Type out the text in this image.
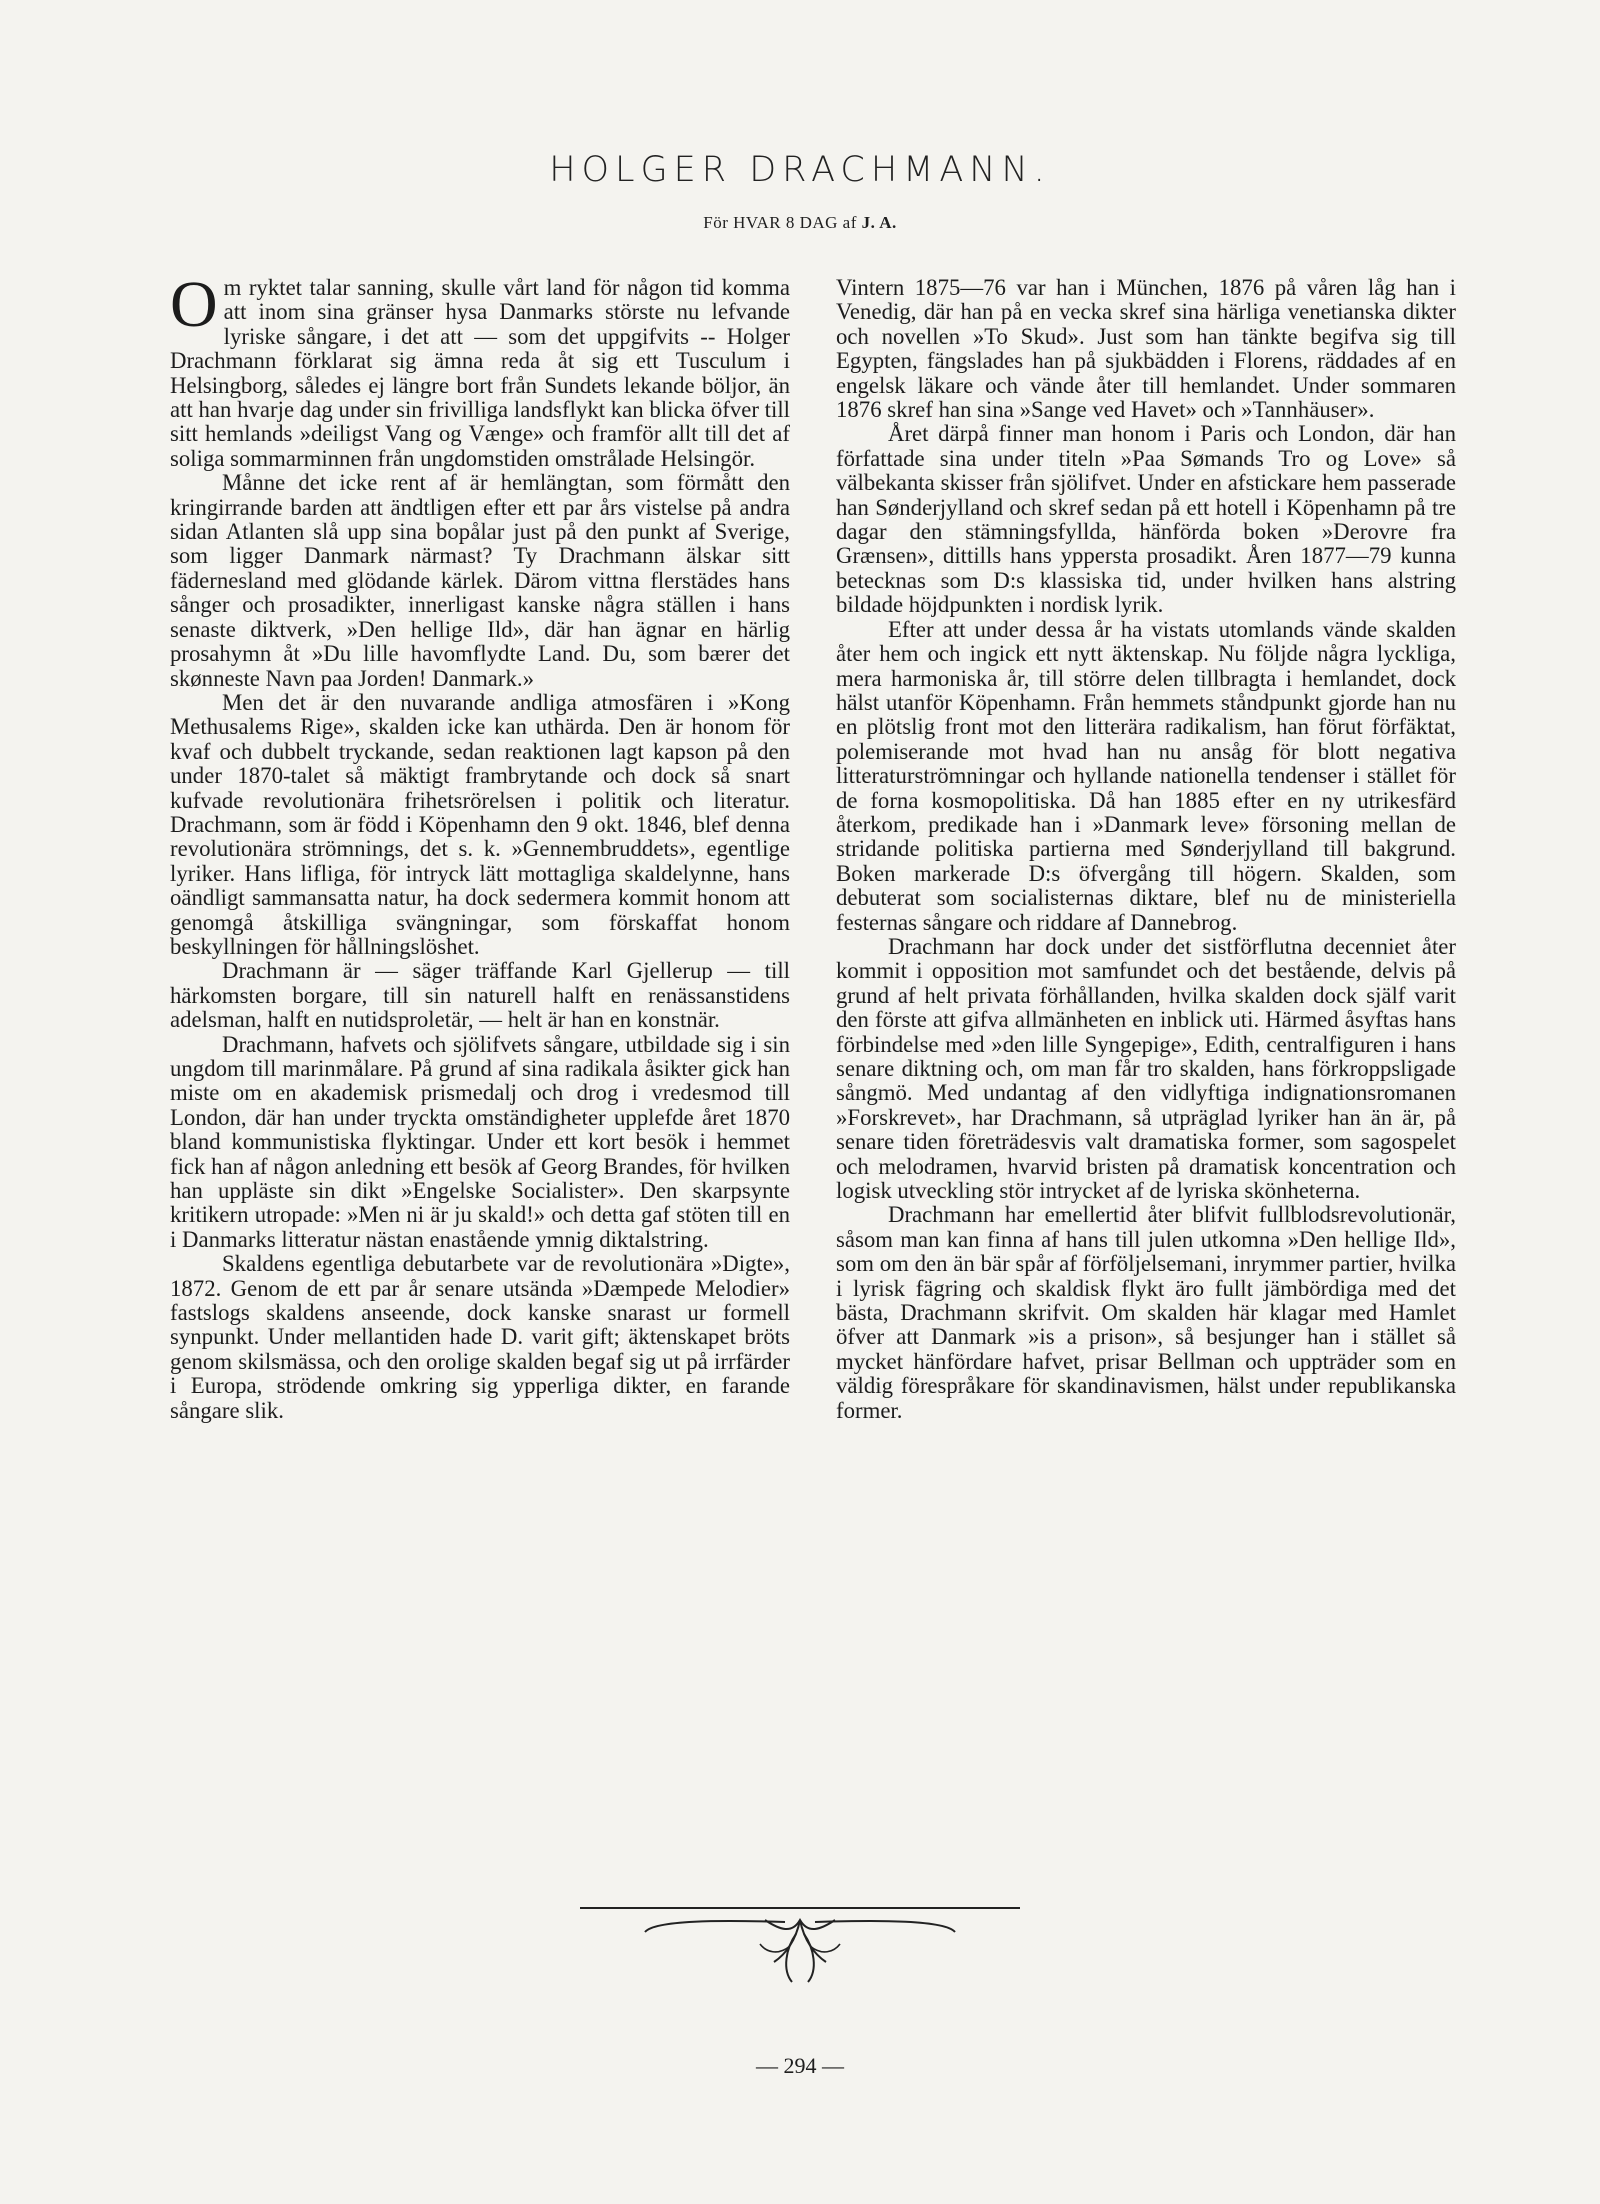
HOLGER DRACHMANN.
För HVAR 8 DAG af J. A.

Om ryktet talar sanning, skulle vårt land för någon tid komma att inom sina gränser hysa Danmarks störste nu lefvande lyriske sångare, i det att — som det uppgifvits -- Holger Drachmann förklarat sig ämna reda åt sig ett Tusculum i Helsingborg, således ej längre bort från Sundets lekande böljor, än att han hvarje dag under sin frivilliga landsflykt kan blicka öfver till sitt hemlands »deiligst Vang og Vænge» och framför allt till det af soliga sommarminnen från ungdomstiden omstrålade Helsingör.

Månne det icke rent af är hemlängtan, som förmått den kringirrande barden att ändtligen efter ett par års vistelse på andra sidan Atlanten slå upp sina bopålar just på den punkt af Sverige, som ligger Danmark närmast? Ty Drachmann älskar sitt fädernesland med glödande kärlek. Därom vittna flerstädes hans sånger och prosadikter, innerligast kanske några ställen i hans senaste diktverk, »Den hellige Ild», där han ägnar en härlig prosahymn åt »Du lille havomflydte Land. Du, som bærer det skønneste Navn paa Jorden! Danmark.»

Men det är den nuvarande andliga atmosfären i »Kong Methusalems Rige», skalden icke kan uthärda. Den är honom för kvaf och dubbelt tryckande, sedan reaktionen lagt kapson på den under 1870-talet så mäktigt frambrytande och dock så snart kufvade revolutionära frihetsrörelsen i politik och literatur. Drachmann, som är född i Köpenhamn den 9 okt. 1846, blef denna revolutionära strömnings, det s. k. »Gennembruddets», egentlige lyriker. Hans lifliga, för intryck lätt mottagliga skaldelynne, hans oändligt sammansatta natur, ha dock sedermera kommit honom att genomgå åtskilliga svängningar, som förskaffat honom beskyllningen för hållningslöshet.

Drachmann är — säger träffande Karl Gjellerup — till härkomsten borgare, till sin naturell halft en renässanstidens adelsman, halft en nutidsproletär, — helt är han en konstnär.

Drachmann, hafvets och sjölifvets sångare, utbildade sig i sin ungdom till marinmålare. På grund af sina radikala åsikter gick han miste om en akademisk prismedalj och drog i vredesmod till London, där han under tryckta omständigheter upplefde året 1870 bland kommunistiska flyktingar. Under ett kort besök i hemmet fick han af någon anledning ett besök af Georg Brandes, för hvilken han uppläste sin dikt »Engelske Socialister». Den skarpsynte kritikern utropade: »Men ni är ju skald!» och detta gaf stöten till en i Danmarks litteratur nästan enastående ymnig diktalstring.

Skaldens egentliga debutarbete var de revolutionära »Digte», 1872. Genom de ett par år senare utsända »Dæmpede Melodier» fastslogs skaldens anseende, dock kanske snarast ur formell synpunkt. Under mellantiden hade D. varit gift; äktenskapet bröts genom skilsmässa, och den orolige skalden begaf sig ut på irrfärder i Europa, strödende omkring sig ypperliga dikter, en farande sångare slik.

Vintern 1875—76 var han i München, 1876 på våren låg han i Venedig, där han på en vecka skref sina härliga venetianska dikter och novellen »To Skud». Just som han tänkte begifva sig till Egypten, fängslades han på sjukbädden i Florens, räddades af en engelsk läkare och vände åter till hemlandet. Under sommaren 1876 skref han sina »Sange ved Havet» och »Tannhäuser».

Året därpå finner man honom i Paris och London, där han författade sina under titeln »Paa Sømands Tro og Love» så välbekanta skisser från sjölifvet. Under en afstickare hem passerade han Sønderjylland och skref sedan på ett hotell i Köpenhamn på tre dagar den stämningsfyllda, hänförda boken »Derovre fra Grænsen», dittills hans yppersta prosadikt. Åren 1877—79 kunna betecknas som D:s klassiska tid, under hvilken hans alstring bildade höjdpunkten i nordisk lyrik.

Efter att under dessa år ha vistats utomlands vände skalden åter hem och ingick ett nytt äktenskap. Nu följde några lyckliga, mera harmoniska år, till större delen tillbragta i hemlandet, dock hälst utanför Köpenhamn. Från hemmets ståndpunkt gjorde han nu en plötslig front mot den litterära radikalism, han förut förfäktat, polemiserande mot hvad han nu ansåg för blott negativa litteraturströmningar och hyllande nationella tendenser i stället för de forna kosmopolitiska. Då han 1885 efter en ny utrikesfärd återkom, predikade han i »Danmark leve» försoning mellan de stridande politiska partierna med Sønderjylland till bakgrund. Boken markerade D:s öfvergång till högern. Skalden, som debuterat som socialisternas diktare, blef nu de ministeriella festernas sångare och riddare af Dannebrog.

Drachmann har dock under det sistförflutna decenniet åter kommit i opposition mot samfundet och det bestående, delvis på grund af helt privata förhållanden, hvilka skalden dock själf varit den förste att gifva allmänheten en inblick uti. Härmed åsyftas hans förbindelse med »den lille Syngepige», Edith, centralfiguren i hans senare diktning och, om man får tro skalden, hans förkroppsligade sångmö. Med undantag af den vidlyftiga indignationsromanen »Forskrevet», har Drachmann, så utpräglad lyriker han än är, på senare tiden företrädesvis valt dramatiska former, som sagospelet och melodramen, hvarvid bristen på dramatisk koncentration och logisk utveckling stör intrycket af de lyriska skönheterna.

Drachmann har emellertid åter blifvit fullblodsrevolutionär, såsom man kan finna af hans till julen utkomna »Den hellige Ild», som om den än bär spår af förföljelsemani, inrymmer partier, hvilka i lyrisk fägring och skaldisk flykt äro fullt jämbördiga med det bästa, Drachmann skrifvit. Om skalden här klagar med Hamlet öfver att Danmark »is a prison», så besjunger han i stället så mycket hänfördare hafvet, prisar Bellman och uppträder som en väldig förespråkare för skandinavismen, hälst under republikanska former.

— 294 —
